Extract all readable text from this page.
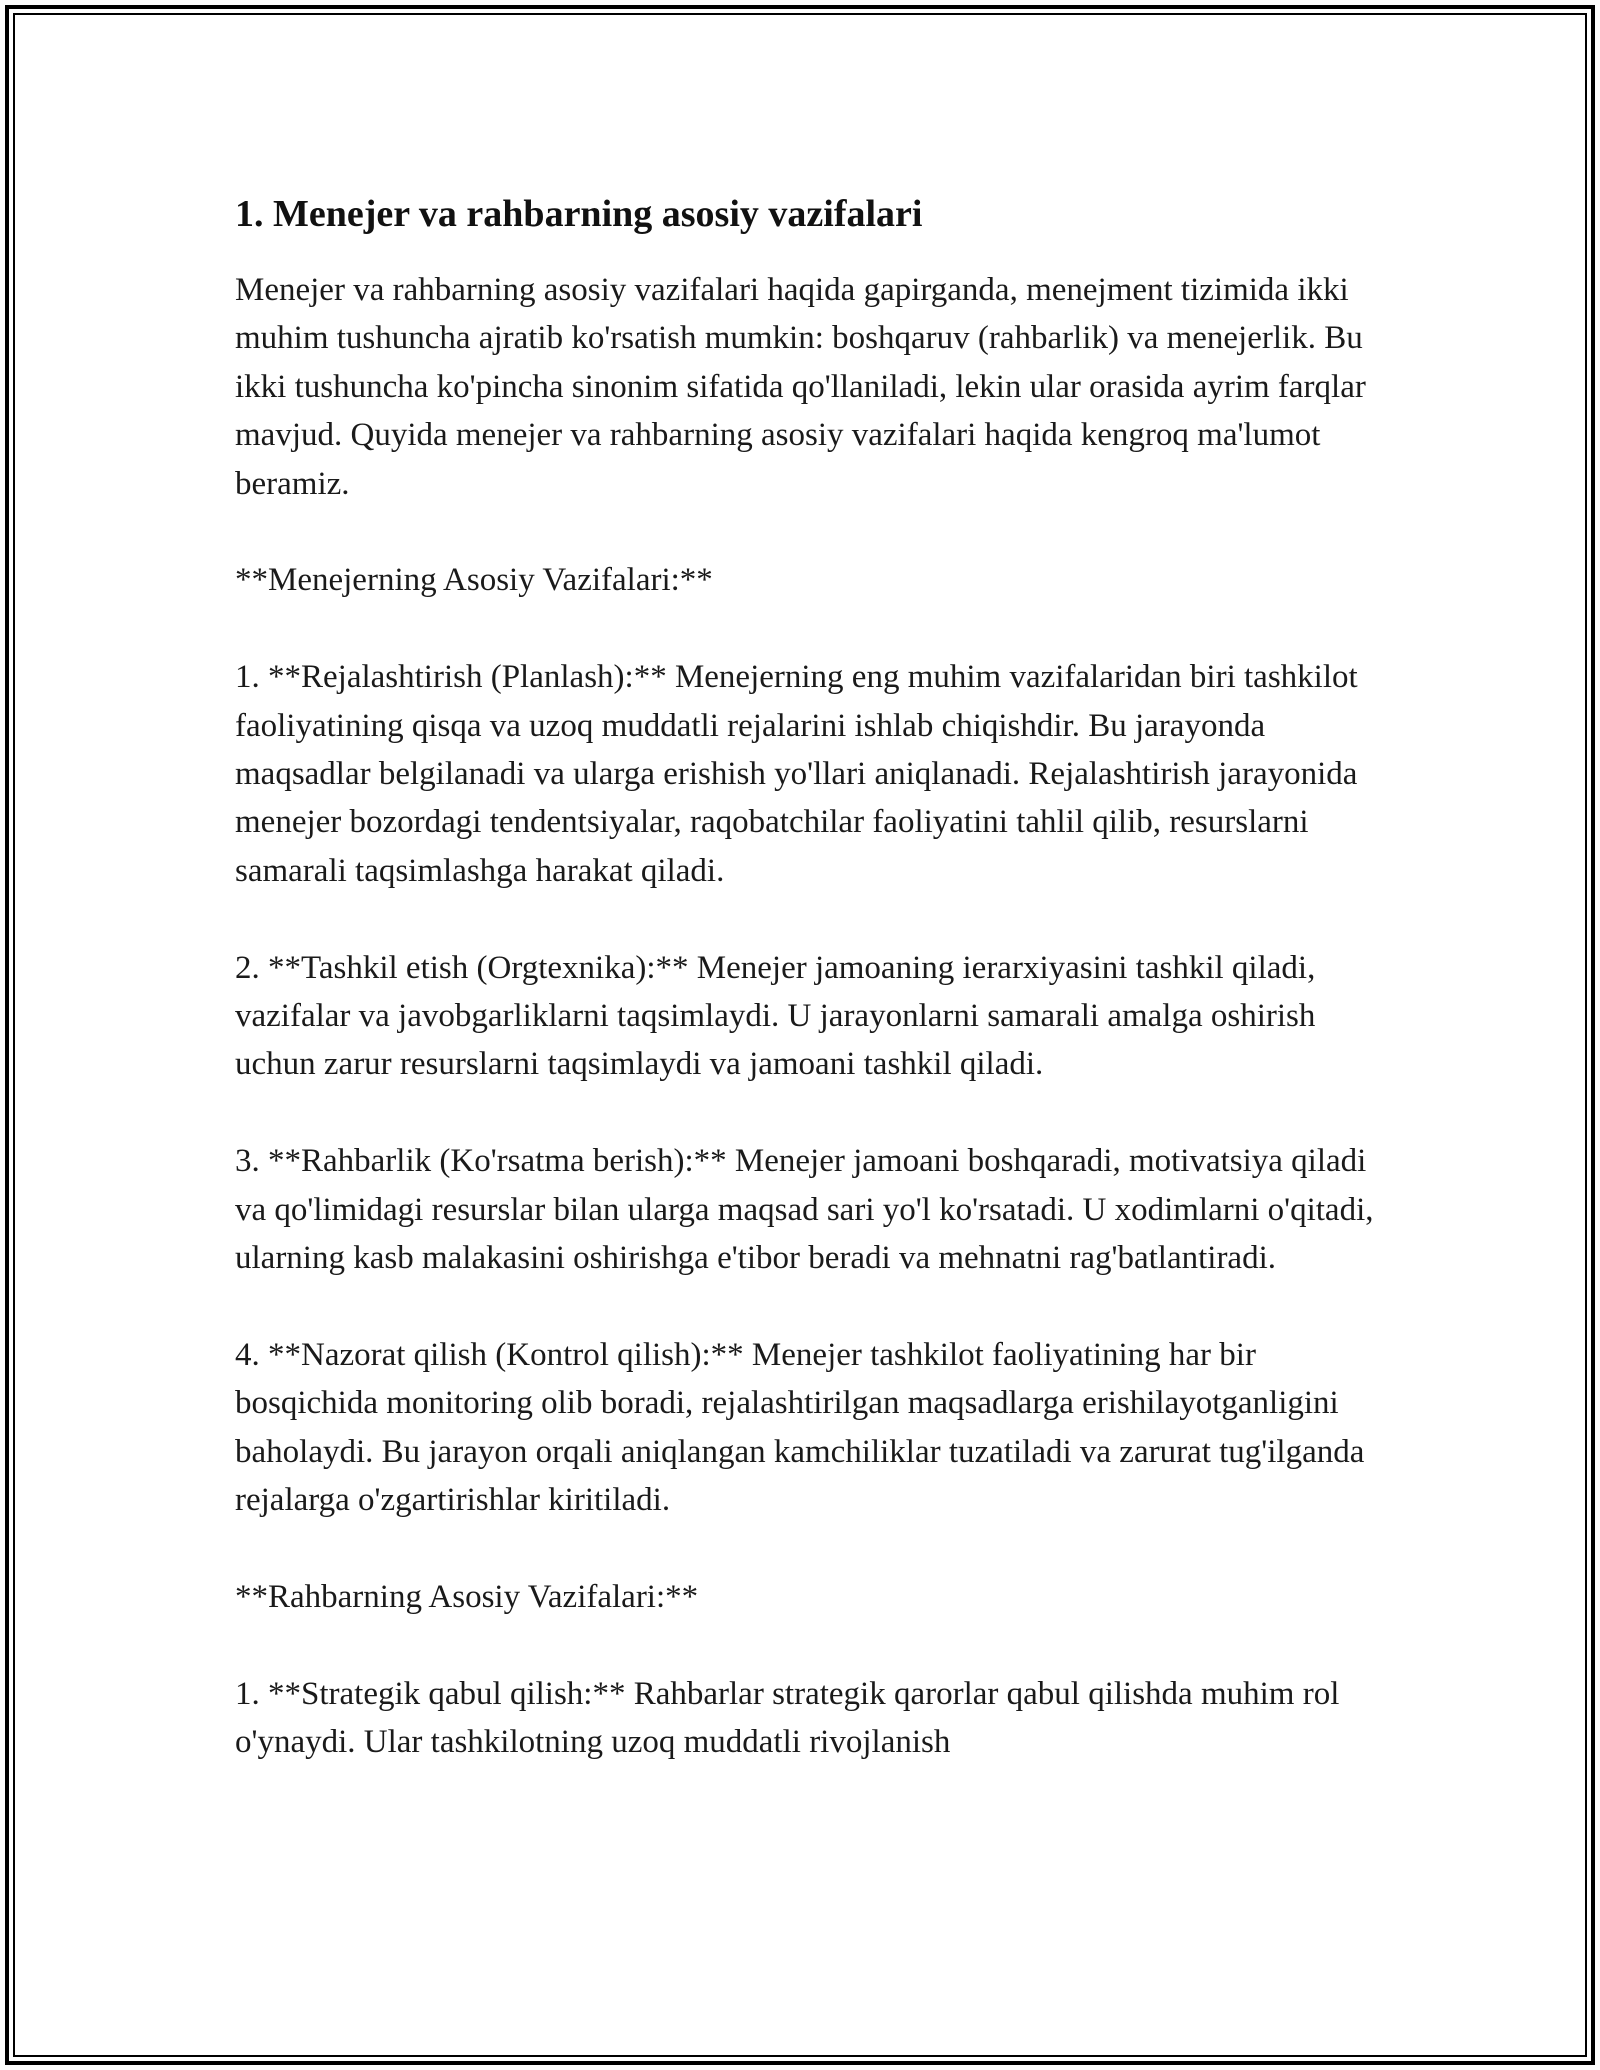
1. Menejer va rahbarning asosiy vazifalari

Menejer va rahbarning asosiy vazifalari haqida gapirganda, menejment tizimida ikki muhim tushuncha ajratib ko'rsatish mumkin: boshqaruv (rahbarlik) va menejerlik. Bu ikki tushuncha ko'pincha sinonim sifatida qo'llaniladi, lekin ular orasida ayrim farqlar mavjud. Quyida menejer va rahbarning asosiy vazifalari haqida kengroq ma'lumot beramiz.

**Menejerning Asosiy Vazifalari:**

1. **Rejalashtirish (Planlash):** Menejerning eng muhim vazifalaridan biri tashkilot faoliyatining qisqa va uzoq muddatli rejalarini ishlab chiqishdir. Bu jarayonda maqsadlar belgilanadi va ularga erishish yo'llari aniqlanadi. Rejalashtirish jarayonida menejer bozordagi tendentsiyalar, raqobatchilar faoliyatini tahlil qilib, resurslarni samarali taqsimlashga harakat qiladi.

2. **Tashkil etish (Orgtexnika):** Menejer jamoaning ierarxiyasini tashkil qiladi, vazifalar va javobgarliklarni taqsimlaydi. U jarayonlarni samarali amalga oshirish uchun zarur resurslarni taqsimlaydi va jamoani tashkil qiladi.

3. **Rahbarlik (Ko'rsatma berish):** Menejer jamoani boshqaradi, motivatsiya qiladi va qo'limidagi resurslar bilan ularga maqsad sari yo'l ko'rsatadi. U xodimlarni o'qitadi, ularning kasb malakasini oshirishga e'tibor beradi va mehnatni rag'batlantiradi.

4. **Nazorat qilish (Kontrol qilish):** Menejer tashkilot faoliyatining har bir bosqichida monitoring olib boradi, rejalashtirilgan maqsadlarga erishilayotganligini baholaydi. Bu jarayon orqali aniqlangan kamchiliklar tuzatiladi va zarurat tug'ilganda rejalarga o'zgartirishlar kiritiladi.

**Rahbarning Asosiy Vazifalari:**

1. **Strategik qabul qilish:** Rahbarlar strategik qarorlar qabul qilishda muhim rol o'ynaydi. Ular tashkilotning uzoq muddatli rivojlanish
